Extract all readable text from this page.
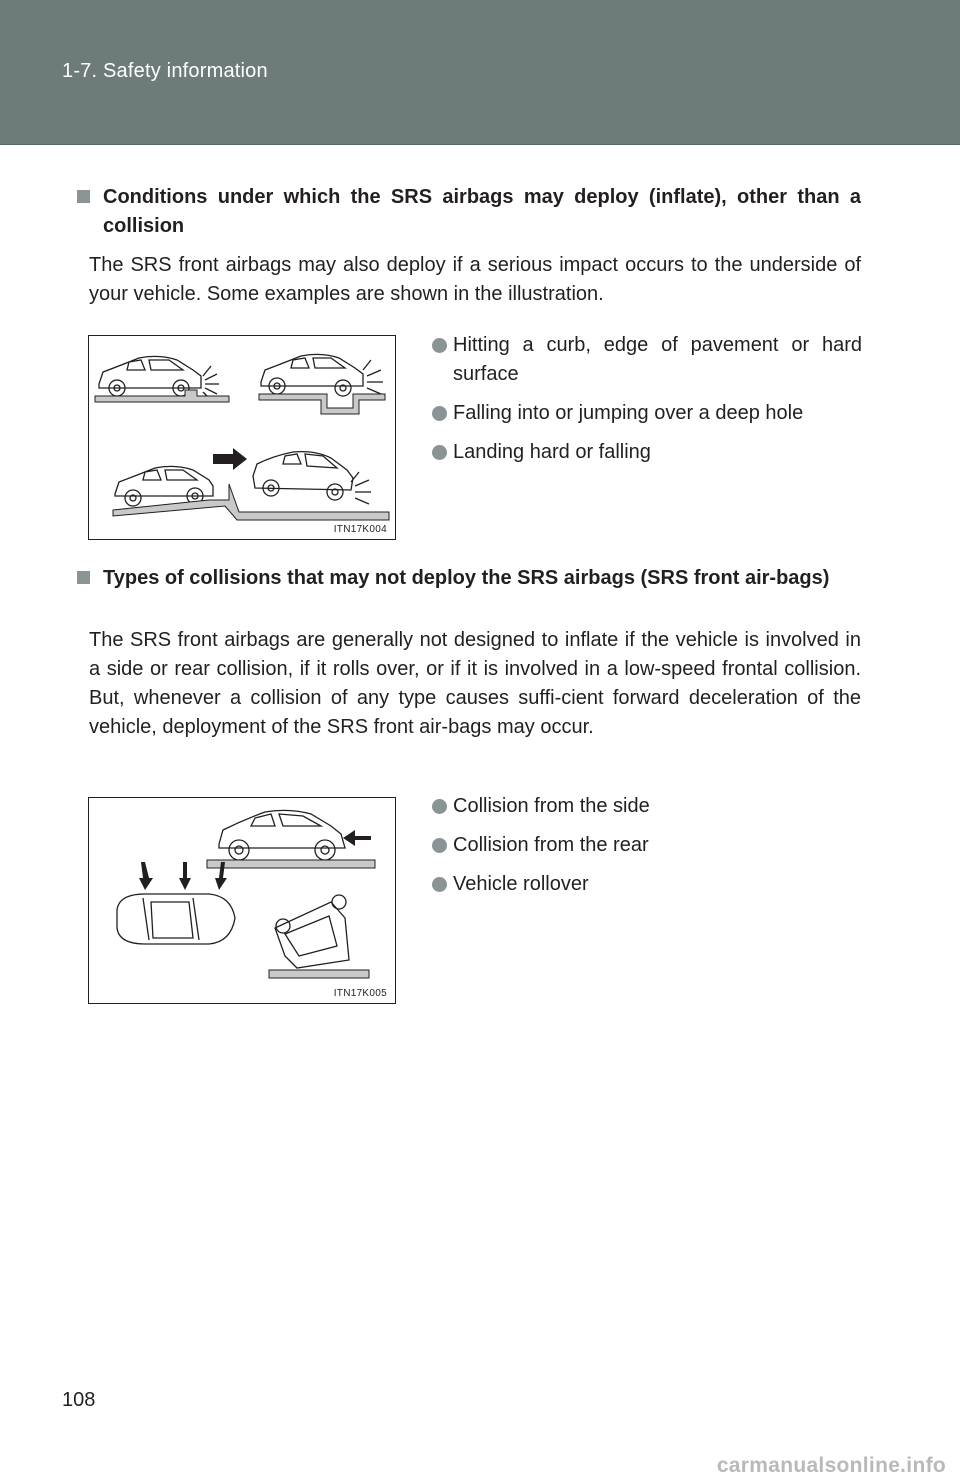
1-7. Safety information
Conditions under which the SRS airbags may deploy (inflate), other than a collision
The SRS front airbags may also deploy if a serious impact occurs to the underside of your vehicle. Some examples are shown in the illustration.
ITN17K004
Hitting a curb, edge of pavement or hard surface
Falling into or jumping over a deep hole
Landing hard or falling
Types of collisions that may not deploy the SRS airbags (SRS front air-bags)
The SRS front airbags are generally not designed to inflate if the vehicle is involved in a side or rear collision, if it rolls over, or if it is involved in a low-speed frontal collision. But, whenever a collision of any type causes suffi-cient forward deceleration of the vehicle, deployment of the SRS front air-bags may occur.
ITN17K005
Collision from the side
Collision from the rear
Vehicle rollover
108
carmanualsonline.info
